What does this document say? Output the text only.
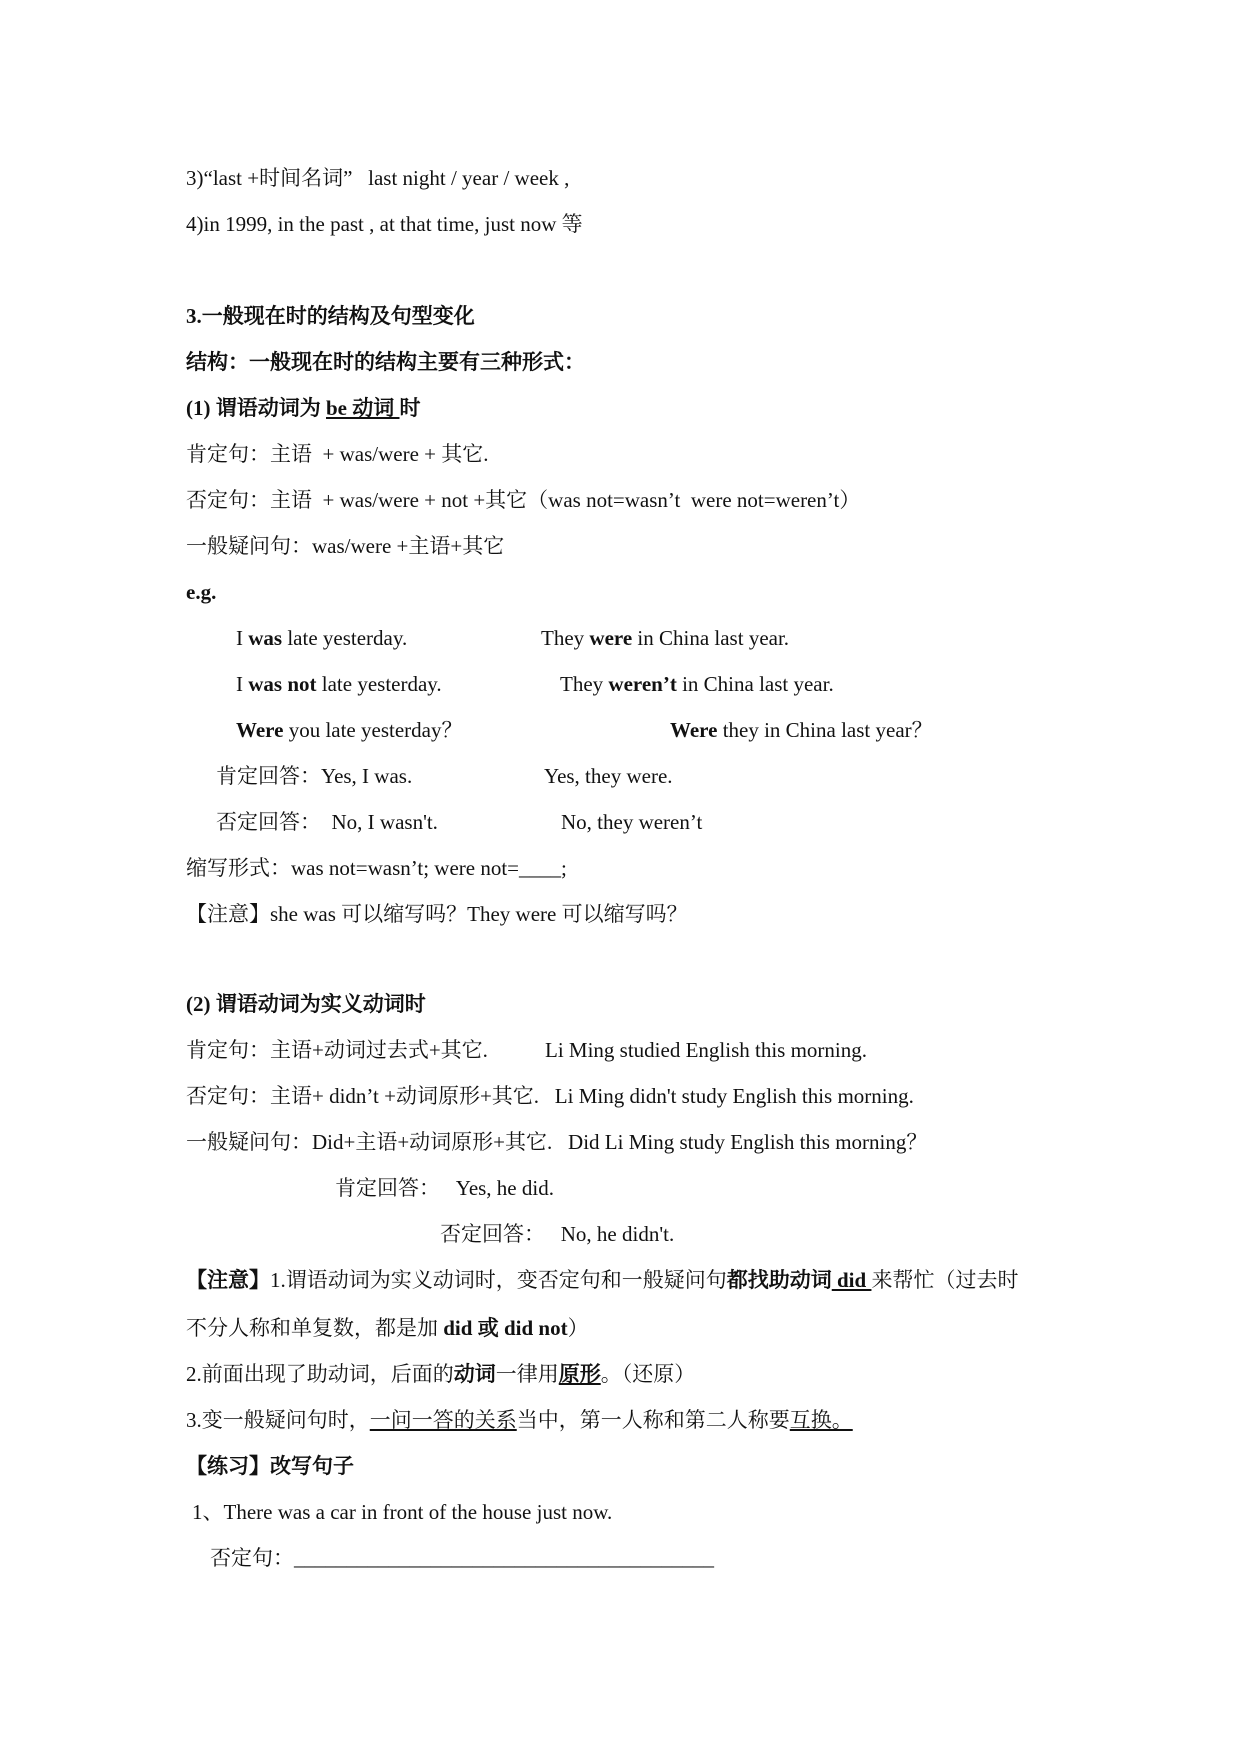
3)“last +时间名词”   last night / year / week ,
4)in 1999, in the past , at that time, just now 等
3.一般现在时的结构及句型变化
结构：一般现在时的结构主要有三种形式：
(1) 谓语动词为 be 动词 时
肯定句：主语  + was/were + 其它.
否定句：主语  + was/were + not +其它（was not=wasn’t  were not=weren’t）
一般疑问句：was/were +主语+其它
e.g.
I was late yesterday.	They were in China last year.
I was not late yesterday.	They weren’t in China last year.
Were you late yesterday？	Were they in China last year？
肯定回答：Yes, I was.	Yes, they were.
否定回答：  No, I wasn't.	No, they weren’t
缩写形式：was not=wasn’t; were not=____;
【注意】she was 可以缩写吗？They were 可以缩写吗？
(2) 谓语动词为实义动词时
肯定句：主语+动词过去式+其它.	Li Ming studied English this morning.
否定句：主语+ didn’t +动词原形+其它.   Li Ming didn't study English this morning.
一般疑问句：Did+主语+动词原形+其它.   Did Li Ming study English this morning？
肯定回答：   Yes, he did.
否定回答：   No, he didn't.
【注意】1.谓语动词为实义动词时，变否定句和一般疑问句都找助动词 did 来帮忙（过去时
不分人称和单复数，都是加 did 或 did not）
2.前面出现了助动词，后面的动词一律用原形。（还原）
3.变一般疑问句时，一问一答的关系当中，第一人称和第二人称要互换。
【练习】改写句子
1、There was a car in front of the house just now.
否定句：________________________________________
